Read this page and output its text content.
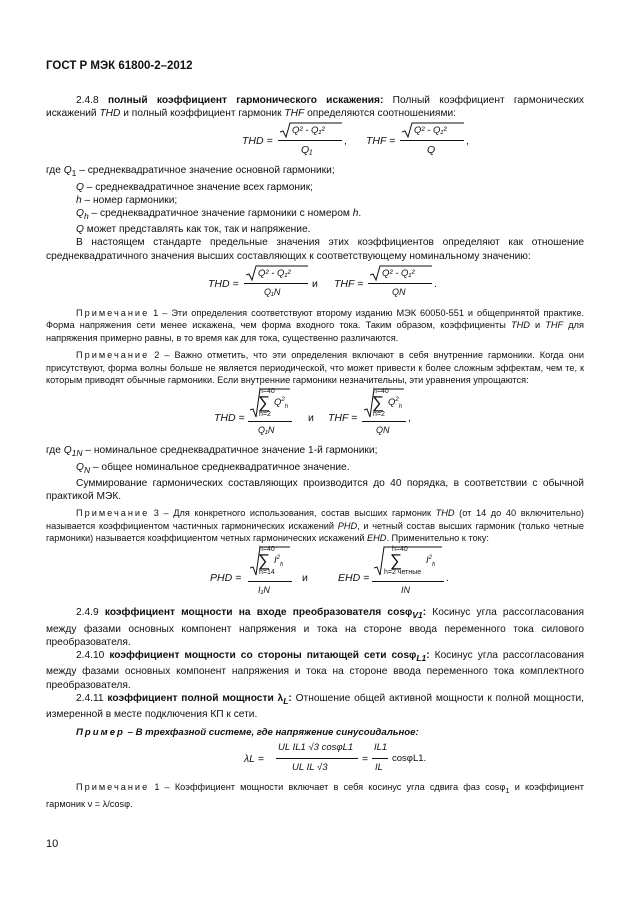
ГОСТ Р МЭК 61800-2–2012

2.4.8 полный коэффициент гармонического искажения: Полный коэффициент гармонических искажений THD и полный коэффициент гармоник THF определяются соотношениями:

THD =
Q² - Q₁²
Q₁
, THF =
Q² - Q₁²
Q
,

где $Q_1$ – среднеквадратичное значение основной гармоники;

Q – среднеквадратичное значение всех гармоник;

h – номер гармоники;

$Q_h$ – среднеквадратичное значение гармоники с номером h.

Q может представлять как ток, так и напряжение.

В настоящем стандарте предельные значения этих коэффициентов определяют как отношение среднеквадратичного значения высших составляющих к соответствующему номинальному значению:

THD =
Q² - Q₁²
Q₁N
и THF =
Q² - Q₁²
QN
.

Примечание 1 – Эти определения соответствуют второму изданию МЭК 60050-551 и общепринятой практике. Форма напряжения сети менее искажена, чем форма входного тока. Таким образом, коэффициенты THD и THF для напряжения примерно равны, в то время как для тока, существенно различаются.

Примечание 2 – Важно отметить, что эти определения включают в себя внутренние гармоники. Когда они присутствуют, форма волны больше не является периодической, что может привести к более сложным эффектам, чем те, к которым приводят обычные гармоники. Если внутренние гармоники незначительны, эти уравнения упрощаются:

THD =
h=40
∑ $Q^2_h$
h=2
Q₁N
и THF =
h=40
∑ $Q^2_h$
h=2
QN
,

где $Q_{1N}$ – номинальное среднеквадратичное значение 1-й гармоники;

$Q_N$ – общее номинальное среднеквадратичное значение.

Суммирование гармонических составляющих производится до 40 порядка, в соответствии с обычной практикой МЭК.

Примечание 3 – Для конкретного использования, состав высших гармоник THD (от 14 до 40 включительно) называется коэффициентом частичных гармонических искажений PHD, и четный состав высших гармоник (только четные гармоники) называется коэффициентом четных гармонических искажений EHD. Применительно к току:

PHD =
h=40
∑ $I^2_h$
h=14
I₁N
и	EHD =
h=40
∑	$I^2_h$
h=2 четные
IN
.

2.4.9 коэффициент мощности на входе преобразователя cosφ$_{V1}$: Косинус угла рассогласования между фазами основных компонент напряжения и тока на стороне ввода переменного тока силового преобразователя.

2.4.10 коэффициент мощности со стороны питающей сети cosφ$_{L1}$: Косинус угла рассогласования между фазами основных компонент напряжения и тока на стороне ввода переменного тока комплектного преобразователя.

2.4.11 коэффициент полной мощности $\lambda_L$: Отношение общей активной мощности к полной мощности, измеренной в месте подключения КП к сети.

Пример – В трехфазной системе, где напряжение синусоидальное:

λL =
UL IL1 √3 cosφL1
UL IL √3
=
IL1
IL
cosφL1.

Примечание 1 – Коэффициент мощности включает в себя косинус угла сдвига фаз cosφ$_1$ и коэффициент гармоник ν = λ/cosφ.

10
